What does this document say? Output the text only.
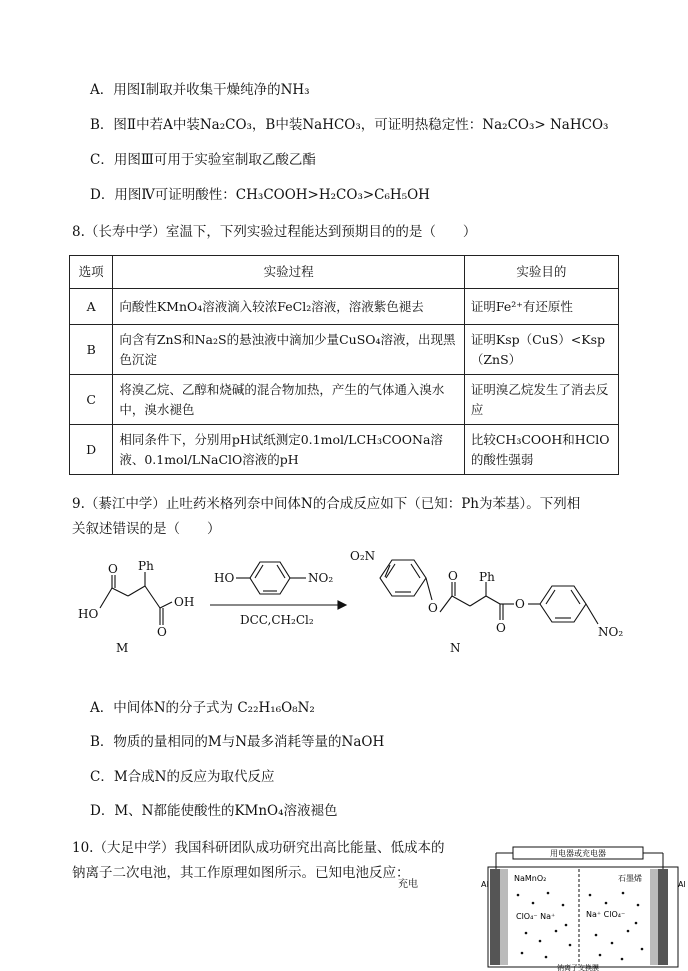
A．用图Ⅰ制取并收集干燥纯净的NH₃
B．图Ⅱ中若A中装Na₂CO₃，B中装NaHCO₃，可证明热稳定性：Na₂CO₃> NaHCO₃
C．用图Ⅲ可用于实验室制取乙酸乙酯
D．用图Ⅳ可证明酸性：CH₃COOH>H₂CO₃>C₆H₅OH
8.（长寿中学）室温下，下列实验过程能达到预期目的的是（　　）
选项	实验过程	实验目的
A	向酸性KMnO₄溶液滴入较浓FeCl₂溶液，溶液紫色褪去	证明Fe²⁺有还原性
B	向含有ZnS和Na₂S的悬浊液中滴加少量CuSO₄溶液，出现黑色沉淀	证明Ksp（CuS）<Ksp（ZnS）
C	将溴乙烷、乙醇和烧碱的混合物加热，产生的气体通入溴水中，溴水褪色	证明溴乙烷发生了消去反应
D	相同条件下，分别用pH试纸测定0.1mol/LCH₃COONa溶液、0.1mol/LNaClO溶液的pH	比较CH₃COOH和HClO的酸性强弱
9.（綦江中学）止吐药米格列奈中间体N的合成反应如下（已知：Ph为苯基）。下列相
关叙述错误的是（　　）
Ph
OH
HO
O
O
M
HO	NO₂
DCC,CH₂Cl₂
O₂N
O
O Ph
O
O
NO₂
N
A．中间体N的分子式为 C₂₂H₁₆O₈N₂
B．物质的量相同的M与N最多消耗等量的NaOH
C．M合成N的反应为取代反应
D．M、N都能使酸性的KMnO₄溶液褪色
10.（大足中学）我国科研团队成功研究出高比能量、低成本的
钠离子二次电池，其工作原理如图所示。已知电池反应：
充电
用电器或充电器
Al	Al
NaMnO₂	石墨烯
ClO₄⁻ Na⁺	Na⁺ ClO₄⁻
钠离子交换膜
